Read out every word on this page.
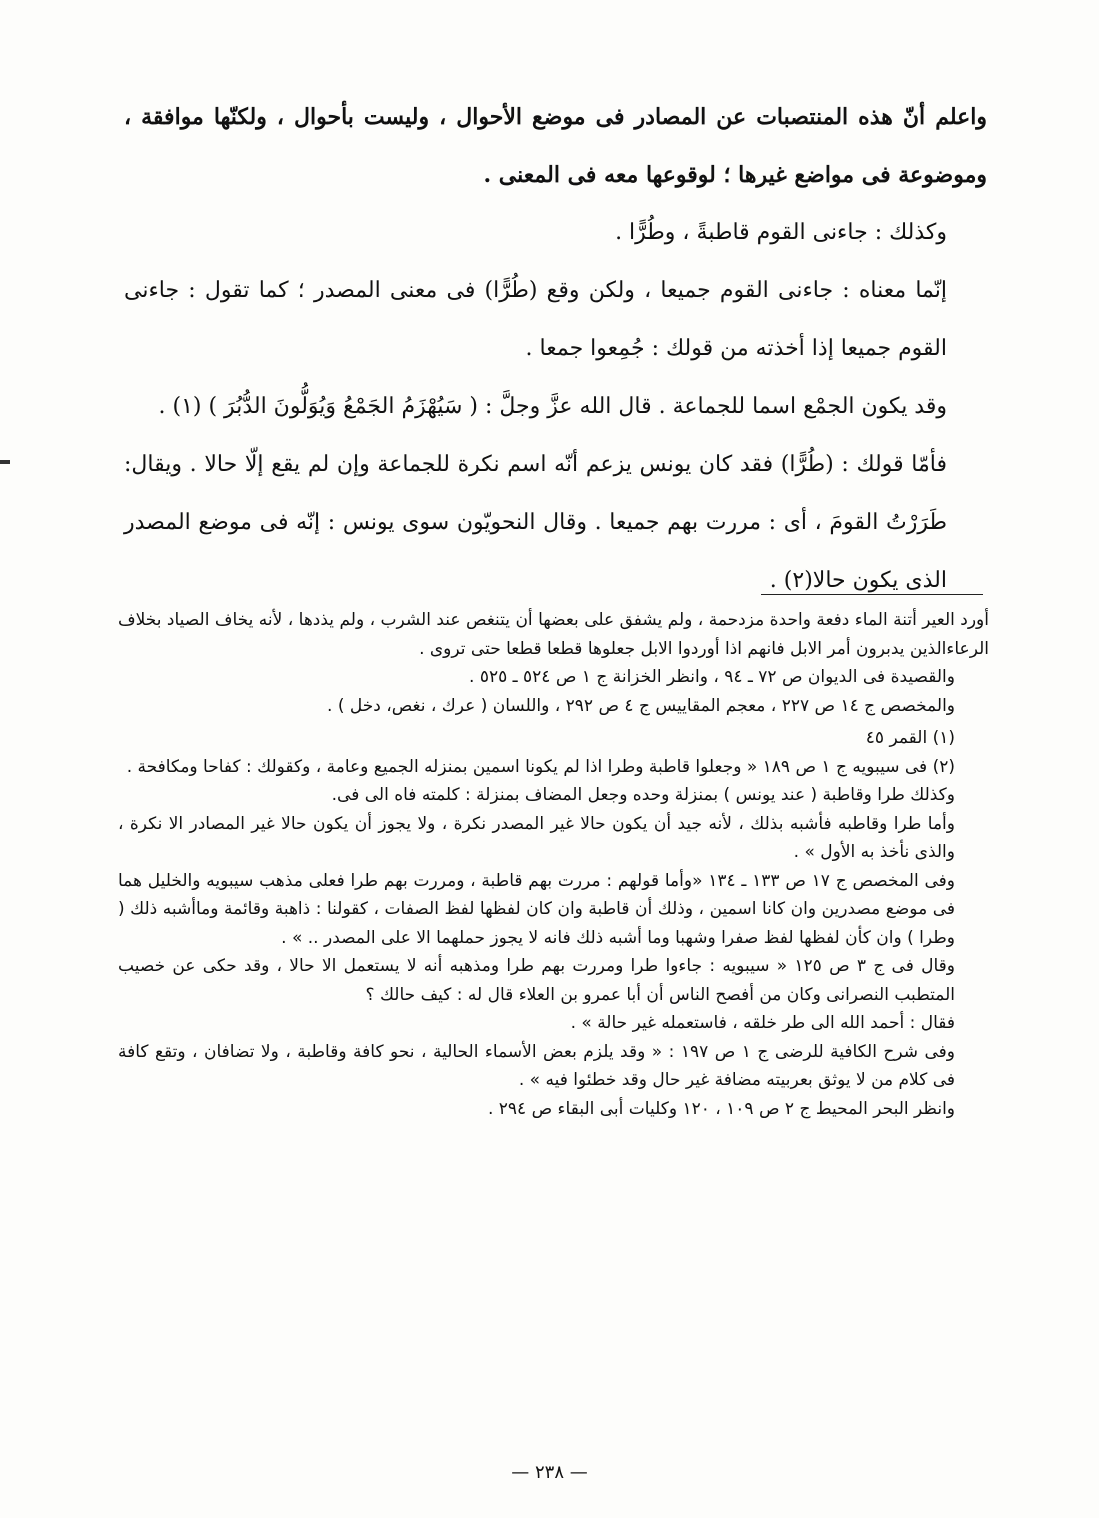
واعلم أنّ هذه المنتصبات عن المصادر فى موضع الأحوال ، وليست بأحوال ، ولكنّها موافقة ، وموضوعة فى مواضع غيرها ؛ لوقوعها معه فى المعنى .

وكذلك : جاءنى القوم قاطبةً ، وطُرًّا .

إنّما معناه : جاءنى القوم جميعا ، ولكن وقع (طُرًّا) فى معنى المصدر ؛ كما تقول : جاءنى القوم جميعا إذا أخذته من قولك : جُمِعوا جمعا .

وقد يكون الجمْع اسما للجماعة . قال الله عزَّ وجلَّ : ( سَيُهْزَمُ الجَمْعُ وَيُوَلُّونَ الدُّبُرَ ) (١) .

فأمّا قولك : (طُرًّا) فقد كان يونس يزعم أنّه اسم نكرة للجماعة وإن لم يقع إلّا حالا . ويقال: طَرَرْتُ القومَ ، أى : مررت بهم جميعا . وقال النحويّون سوى يونس : إنّه فى موضع المصدر الذى يكون حالا(٢) .

أورد العير أتنة الماء دفعة واحدة مزدحمة ، ولم يشفق على بعضها أن يتنغص عند الشرب ، ولم يذدها ، لأنه يخاف الصياد بخلاف الرعاءالذين يدبرون أمر الابل فانهم اذا أوردوا الابل جعلوها قطعا قطعا حتى تروى .

والقصيدة فى الديوان ص ٧٢ ـ ٩٤ ، وانظر الخزانة ج ١ ص ٥٢٤ ـ ٥٢٥ .

والمخصص ج ١٤ ص ٢٢٧ ، معجم المقاييس ج ٤ ص ٢٩٢ ، واللسان ( عرك ، نغص، دخل ) .

(١) القمر ٤٥

(٢) فى سيبويه ج ١ ص ١٨٩ « وجعلوا قاطبة وطرا اذا لم يكونا اسمين بمنزله الجميع وعامة ، وكقولك : كفاحا ومكافحة .

وكذلك طرا وقاطبة ( عند يونس ) بمنزلة وحده وجعل المضاف بمنزلة : كلمته فاه الى فى.

وأما طرا وقاطبه فأشبه بذلك ، لأنه جيد أن يكون حالا غير المصدر نكرة ، ولا يجوز أن يكون حالا غير المصادر الا نكرة ، والذى نأخذ به الأول » .

وفى المخصص ج ١٧ ص ١٣٣ ـ ١٣٤ «وأما قولهم : مررت بهم قاطبة ، ومررت بهم طرا فعلى مذهب سيبويه والخليل هما فى موضع مصدرين وان كانا اسمين ، وذلك أن قاطبة وان كان لفظها لفظ الصفات ، كقولنا : ذاهبة وقائمة وماأشبه ذلك ( وطرا ) وان كأن لفظها لفظ صفرا وشهبا وما أشبه ذلك فانه لا يجوز حملهما الا على المصدر .. » .

وقال فى ج ٣ ص ١٢٥ « سيبويه : جاءوا طرا ومررت بهم طرا ومذهبه أنه لا يستعمل الا حالا ، وقد حكى عن خصيب المتطبب النصرانى وكان من أفصح الناس أن أبا عمرو بن العلاء قال له : كيف حالك ؟

فقال : أحمد الله الى طر خلقه ، فاستعمله غير حالة » .

وفى شرح الكافية للرضى ج ١ ص ١٩٧ : « وقد يلزم بعض الأسماء الحالية ، نحو كافة وقاطبة ، ولا تضافان ، وتقع كافة فى كلام من لا يوثق بعربيته مضافة غير حال وقد خطئوا فيه » .

وانظر البحر المحيط ج ٢ ص ١٠٩ ، ١٢٠ وكليات أبى البقاء ص ٢٩٤ .

— ٢٣٨ —
